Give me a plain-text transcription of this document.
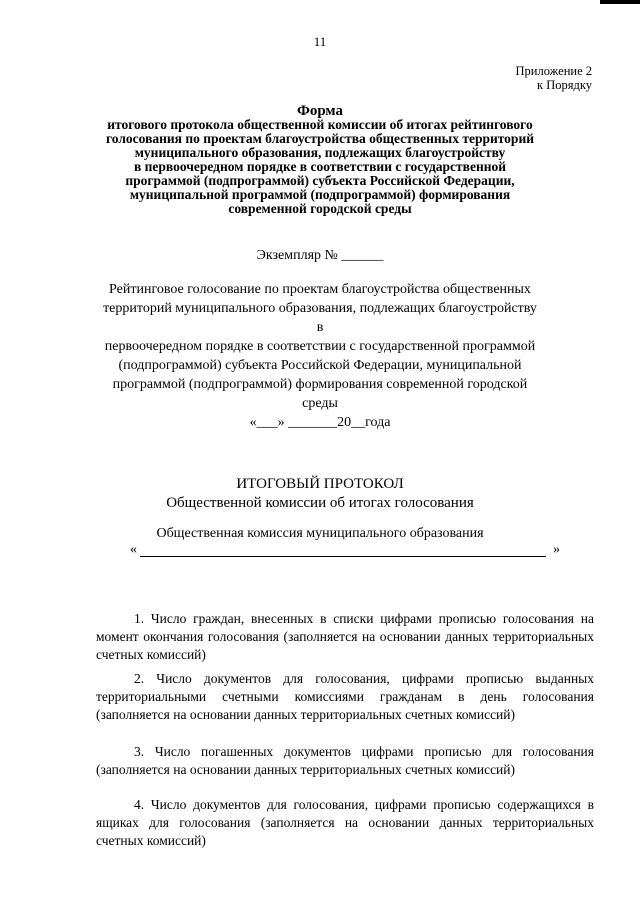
11
Приложение 2
к Порядку
Форма
итогового протокола общественной комиссии об итогах рейтингового
голосования по проектам благоустройства общественных территорий
муниципального образования, подлежащих благоустройству
в первоочередном порядке в соответствии с государственной
программой (подпрограммой) субъекта Российской Федерации,
муниципальной программой (подпрограммой) формирования
современной городской среды
Экземпляр № ______
Рейтинговое голосование по проектам благоустройства общественных
территорий муниципального образования, подлежащих благоустройству в
первоочередном порядке в соответствии с государственной программой
(подпрограммой) субъекта Российской Федерации, муниципальной
программой (подпрограммой) формирования современной городской среды
«___» _______20__года
ИТОГОВЫЙ ПРОТОКОЛ
Общественной комиссии об итогах голосования
Общественная комиссия муниципального образования
«	»

1. Число граждан, внесенных в списки цифрами прописью голосования на момент окончания голосования (заполняется на основании данных территориальных счетных комиссий)

2. Число документов для голосования, цифрами прописью выданных территориальными счетными комиссиями гражданам в день голосования (заполняется на основании данных территориальных счетных комиссий)

3. Число погашенных документов цифрами прописью для голосования (заполняется на основании данных территориальных счетных комиссий)

4. Число документов для голосования, цифрами прописью содержащихся в ящиках для голосования (заполняется на основании данных территориальных счетных комиссий)
